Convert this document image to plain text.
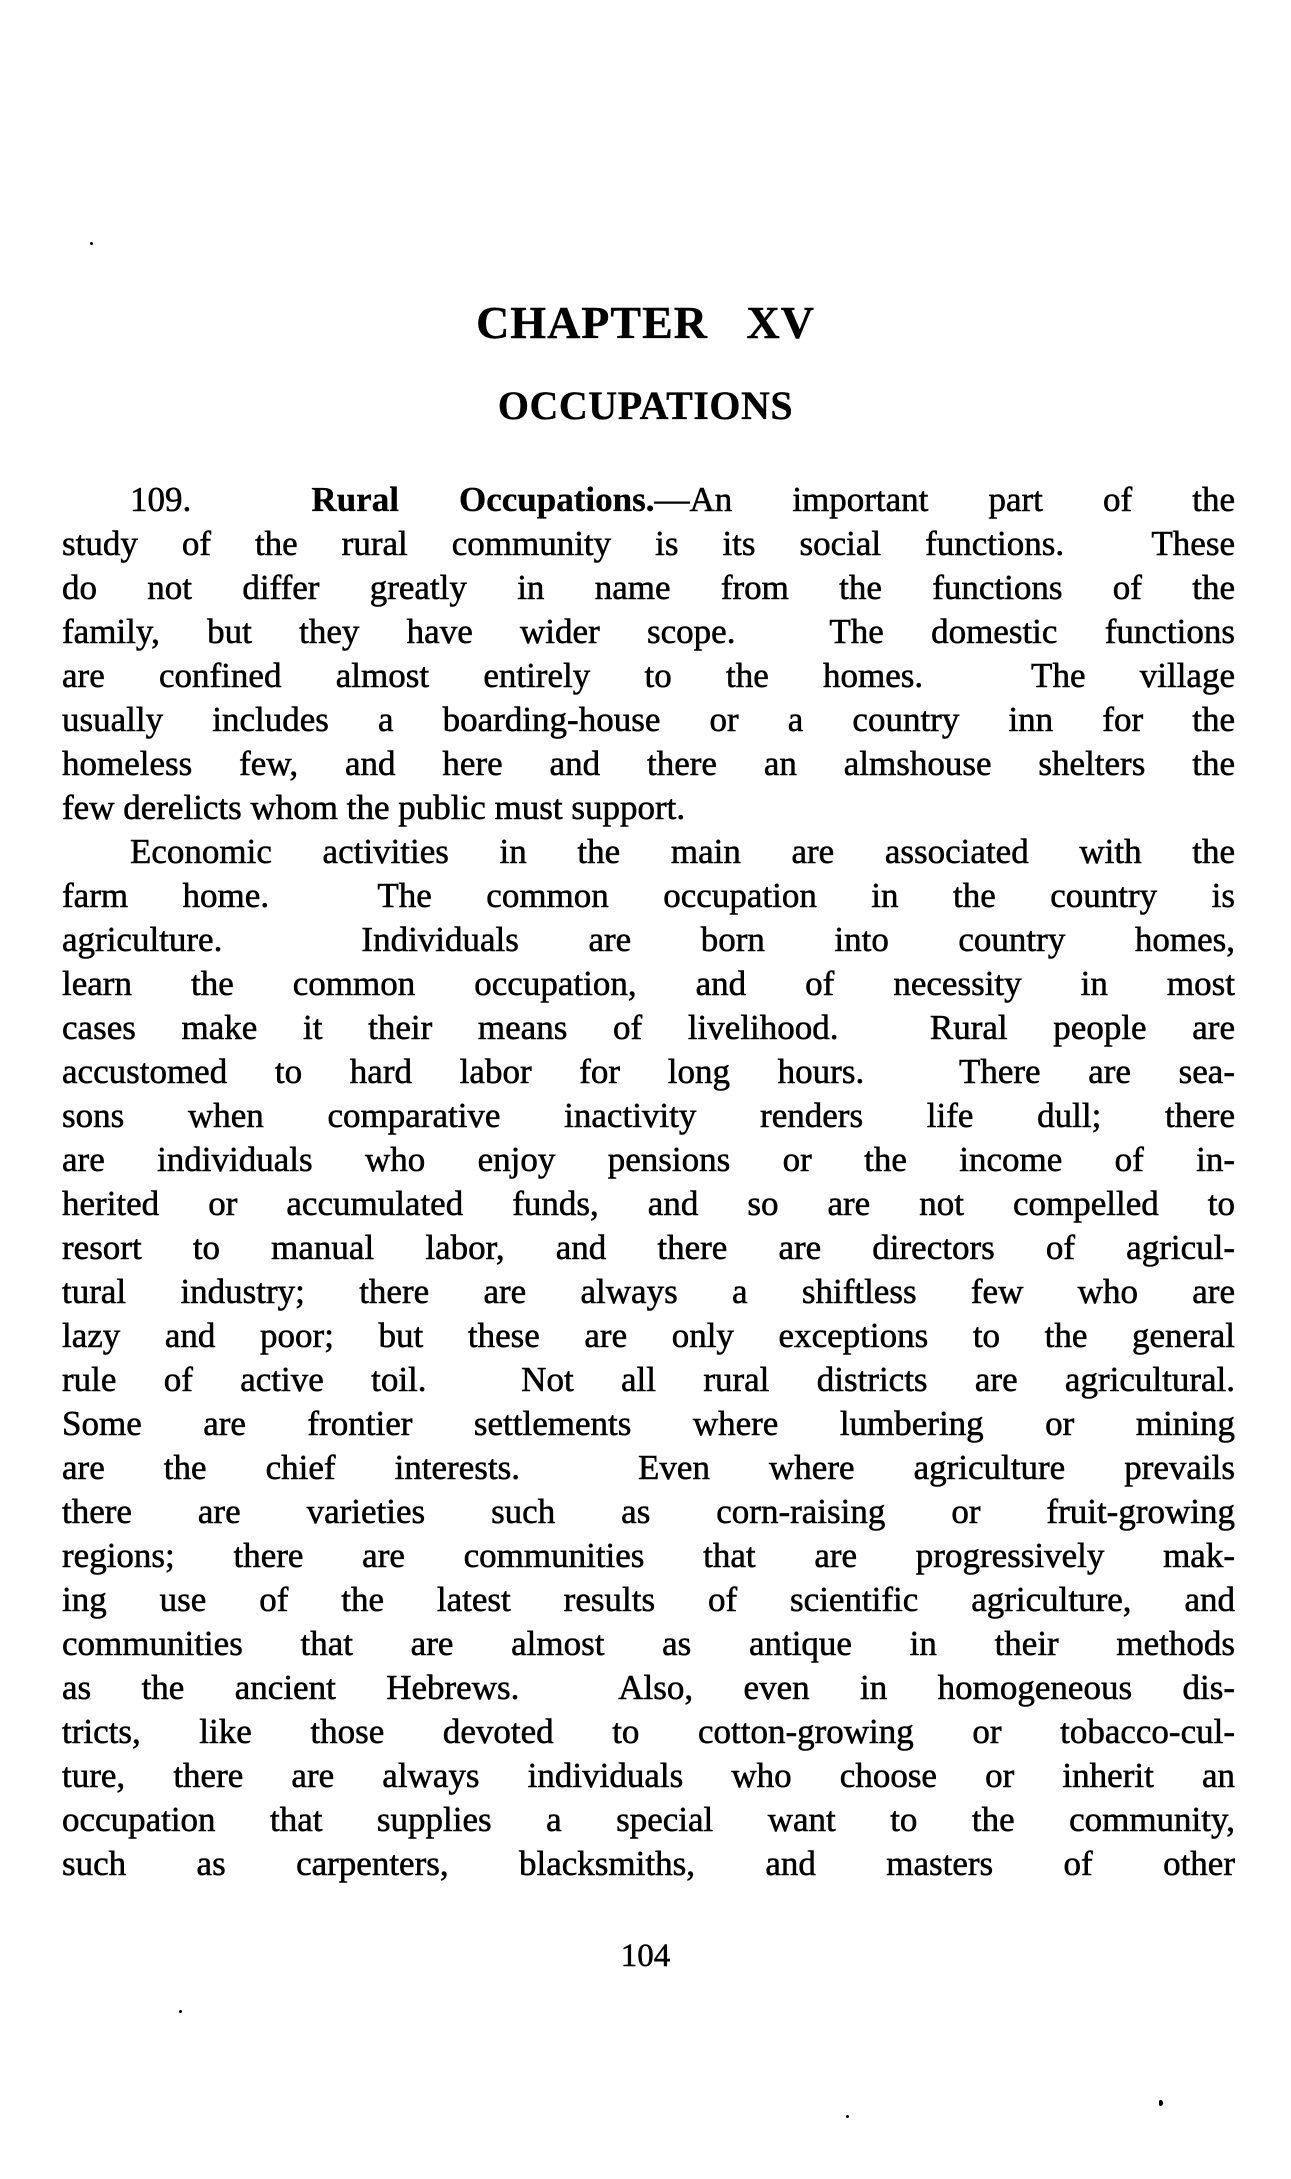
CHAPTER XV
OCCUPATIONS
109.  Rural Occupations.—An important part of the
study of the rural community is its social functions.  These
do not differ greatly in name from the functions of the
family, but they have wider scope.  The domestic functions
are confined almost entirely to the homes.  The village
usually includes a boarding-house or a country inn for the
homeless few, and here and there an almshouse shelters the
few derelicts whom the public must support.
Economic activities in the main are associated with the
farm home.  The common occupation in the country is
agriculture.  Individuals are born into country homes,
learn the common occupation, and of necessity in most
cases make it their means of livelihood.  Rural people are
accustomed to hard labor for long hours.  There are sea-
sons when comparative inactivity renders life dull; there
are individuals who enjoy pensions or the income of in-
herited or accumulated funds, and so are not compelled to
resort to manual labor, and there are directors of agricul-
tural industry; there are always a shiftless few who are
lazy and poor; but these are only exceptions to the general
rule of active toil.  Not all rural districts are agricultural.
Some are frontier settlements where lumbering or mining
are the chief interests.  Even where agriculture prevails
there are varieties such as corn-raising or fruit-growing
regions; there are communities that are progressively mak-
ing use of the latest results of scientific agriculture, and
communities that are almost as antique in their methods
as the ancient Hebrews.  Also, even in homogeneous dis-
tricts, like those devoted to cotton-growing or tobacco-cul-
ture, there are always individuals who choose or inherit an
occupation that supplies a special want to the community,
such as carpenters, blacksmiths, and masters of other
104
